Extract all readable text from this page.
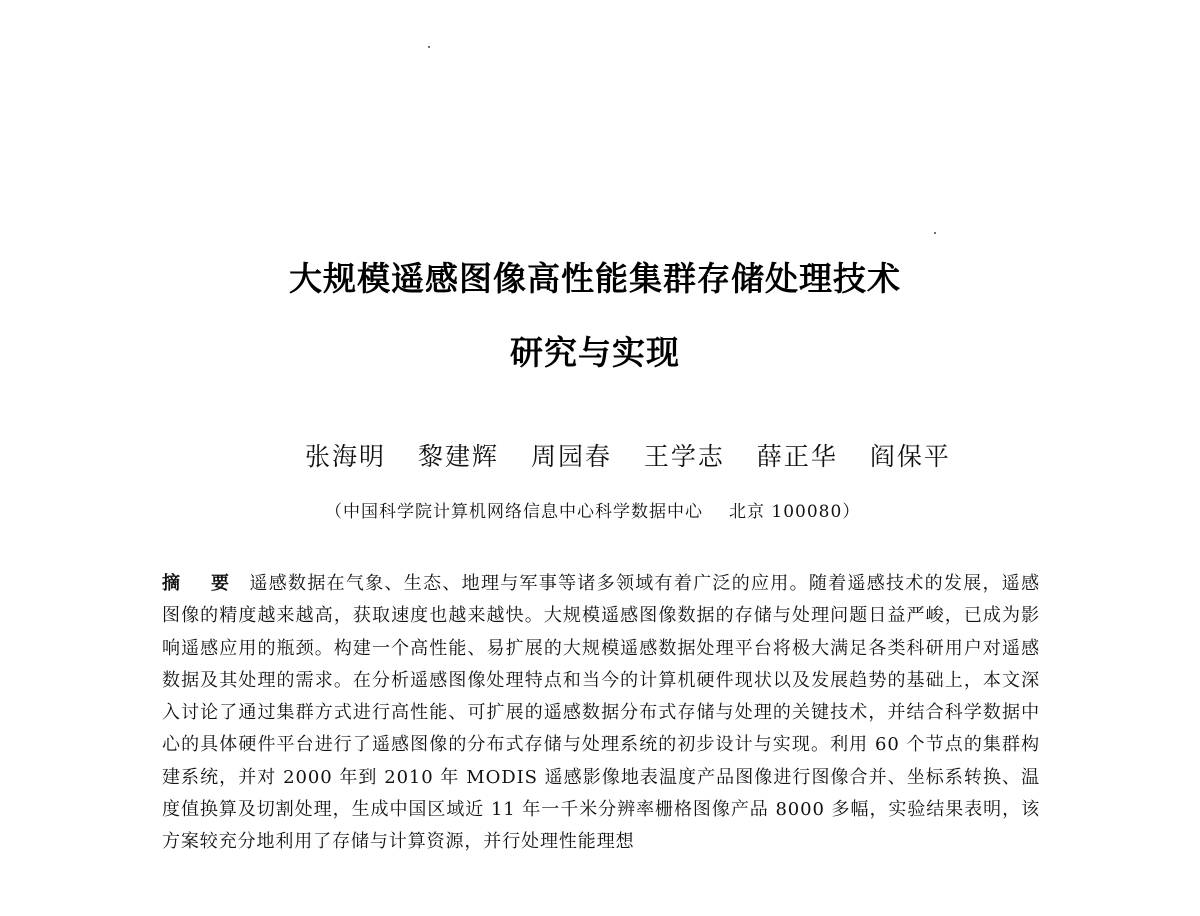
大规模遥感图像高性能集群存储处理技术
研究与实现
张海明 黎建辉 周园春 王学志 薛正华 阎保平
（中国科学院计算机网络信息中心科学数据中心 北京 100080）
摘 要 遥感数据在气象、生态、地理与军事等诸多领域有着广泛的应用。随着遥感技术的发展，遥感图像的精度越来越高，获取速度也越来越快。大规模遥感图像数据的存储与处理问题日益严峻，已成为影响遥感应用的瓶颈。构建一个高性能、易扩展的大规模遥感数据处理平台将极大满足各类科研用户对遥感数据及其处理的需求。在分析遥感图像处理特点和当今的计算机硬件现状以及发展趋势的基础上，本文深入讨论了通过集群方式进行高性能、可扩展的遥感数据分布式存储与处理的关键技术，并结合科学数据中心的具体硬件平台进行了遥感图像的分布式存储与处理系统的初步设计与实现。利用 60 个节点的集群构建系统，并对 2000 年到 2010 年 MODIS 遥感影像地表温度产品图像进行图像合并、坐标系转换、温度值换算及切割处理，生成中国区域近 11 年一千米分辨率栅格图像产品 8000 多幅，实验结果表明，该方案较充分地利用了存储与计算资源，并行处理性能理想
